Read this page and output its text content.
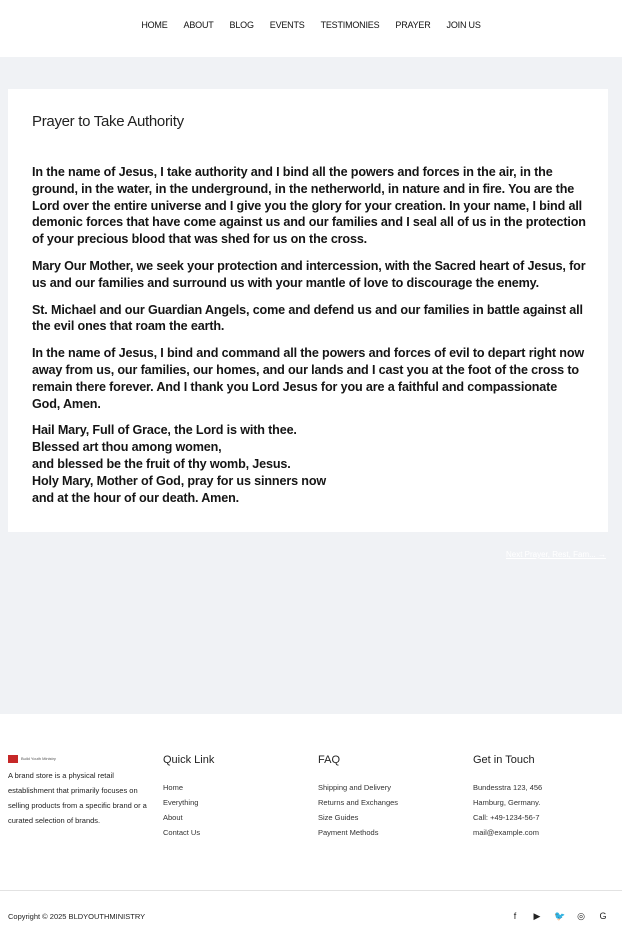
HOME ABOUT BLOG EVENTS TESTIMONIES PRAYER JOIN US
Prayer to Take Authority

In the name of Jesus, I take authority and I bind all the powers and forces in the air, in the ground, in the water, in the underground, in the netherworld, in nature and in fire. You are the Lord over the entire universe and I give you the glory for your creation. In your name, I bind all demonic forces that have come against us and our families and I seal all of us in the protection of your precious blood that was shed for us on the cross.

Mary Our Mother, we seek your protection and intercession, with the Sacred heart of Jesus, for us and our families and surround us with your mantle of love to discourage the enemy.

St. Michael and our Guardian Angels, come and defend us and our families in battle against all the evil ones that roam the earth.

In the name of Jesus, I bind and command all the powers and forces of evil to depart right now away from us, our families, our homes, and our lands and I cast you at the foot of the cross to remain there forever. And I thank you Lord Jesus for you are a faithful and compassionate God, Amen.

Hail Mary, Full of Grace, the Lord is with thee.
Blessed art thou among women,
and blessed be the fruit of thy womb, Jesus.
Holy Mary, Mother of God, pray for us sinners now
and at the hour of our death. Amen.

Next Prayer, Rest, Fam... →
Build Youth Ministry

A brand store is a physical retail establishment that primarily focuses on selling products from a specific brand or a curated selection of brands.

Quick Link
Home
Everything
About
Contact Us
FAQ
Shipping and Delivery
Returns and Exchanges
Size Guides
Payment Methods
Get in Touch
Bundesstra 123, 456
Hamburg, Germany.
Call: +49-1234-56-7
mail@example.com
Copyright © 2025 BLDYOUTHMINISTRY	f	▶ 🐦 ◎ G
